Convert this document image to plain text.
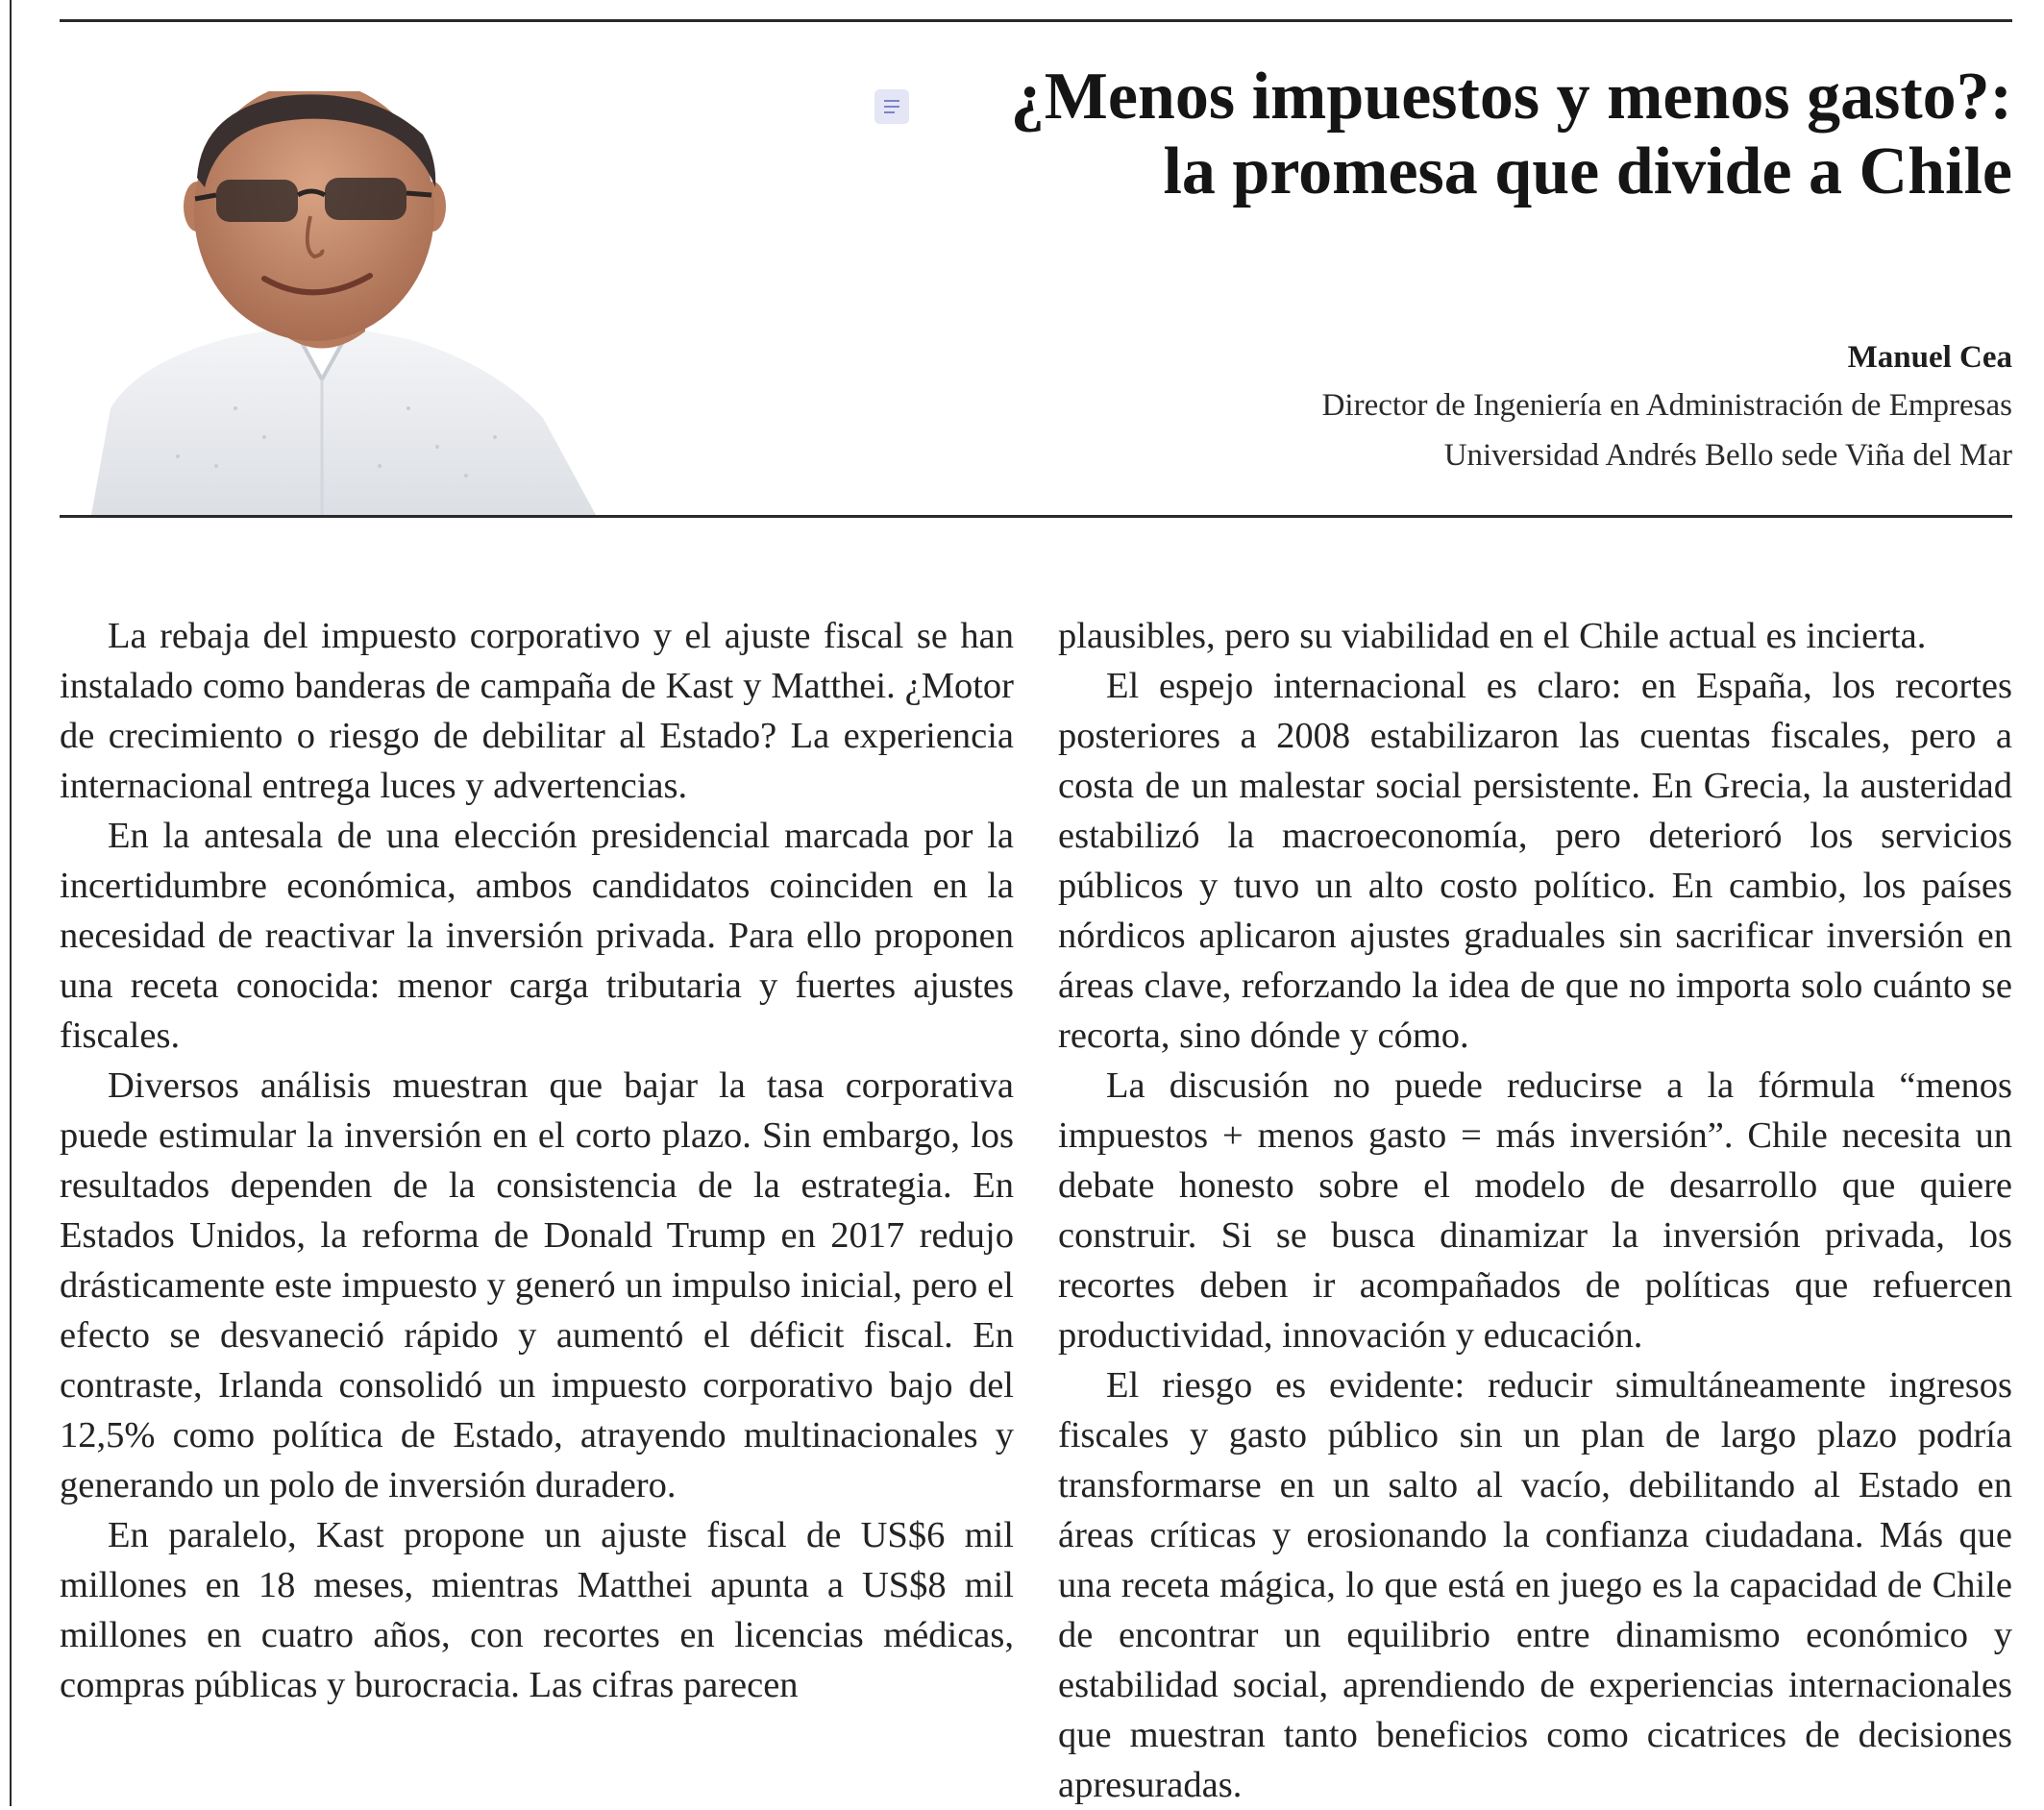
¿Menos impuestos y menos gasto?:
la promesa que divide a Chile
Manuel Cea
Director de Ingeniería en Administración de Empresas
Universidad Andrés Bello sede Viña del Mar

La rebaja del impuesto corporativo y el ajuste fiscal se han instalado como banderas de campaña de Kast y Matthei. ¿Motor de crecimiento o riesgo de debilitar al Estado? La experiencia internacional entrega luces y advertencias.

En la antesala de una elección presidencial marcada por la incertidumbre económica, ambos candidatos coinciden en la necesidad de reactivar la inversión privada. Para ello proponen una receta conocida: menor carga tributaria y fuertes ajustes fiscales.

Diversos análisis muestran que bajar la tasa corporativa puede estimular la inversión en el corto plazo. Sin embargo, los resultados dependen de la consistencia de la estrategia. En Estados Unidos, la reforma de Donald Trump en 2017 redujo drásticamente este impuesto y generó un impulso inicial, pero el efecto se desvaneció rápido y aumentó el déficit fiscal. En contraste, Irlanda consolidó un impuesto corporativo bajo del 12,5% como política de Estado, atrayendo multinacionales y generando un polo de inversión duradero.

En paralelo, Kast propone un ajuste fiscal de US$6 mil millones en 18 meses, mientras Matthei apunta a US$8 mil millones en cuatro años, con recortes en licencias médicas, compras públicas y burocracia. Las cifras parecen

plausibles, pero su viabilidad en el Chile actual es incierta.

El espejo internacional es claro: en España, los recortes posteriores a 2008 estabilizaron las cuentas fiscales, pero a costa de un malestar social persistente. En Grecia, la austeridad estabilizó la macroeconomía, pero deterioró los servicios públicos y tuvo un alto costo político. En cambio, los países nórdicos aplicaron ajustes graduales sin sacrificar inversión en áreas clave, reforzando la idea de que no importa solo cuánto se recorta, sino dónde y cómo.

La discusión no puede reducirse a la fórmula “menos impuestos + menos gasto = más inversión”. Chile necesita un debate honesto sobre el modelo de desarrollo que quiere construir. Si se busca dinamizar la inversión privada, los recortes deben ir acompañados de políticas que refuercen productividad, innovación y educación.

El riesgo es evidente: reducir simultáneamente ingresos fiscales y gasto público sin un plan de largo plazo podría transformarse en un salto al vacío, debilitando al Estado en áreas críticas y erosionando la confianza ciudadana. Más que una receta mágica, lo que está en juego es la capacidad de Chile de encontrar un equilibrio entre dinamismo económico y estabilidad social, aprendiendo de experiencias internacionales que muestran tanto beneficios como cicatrices de decisiones apresuradas.
